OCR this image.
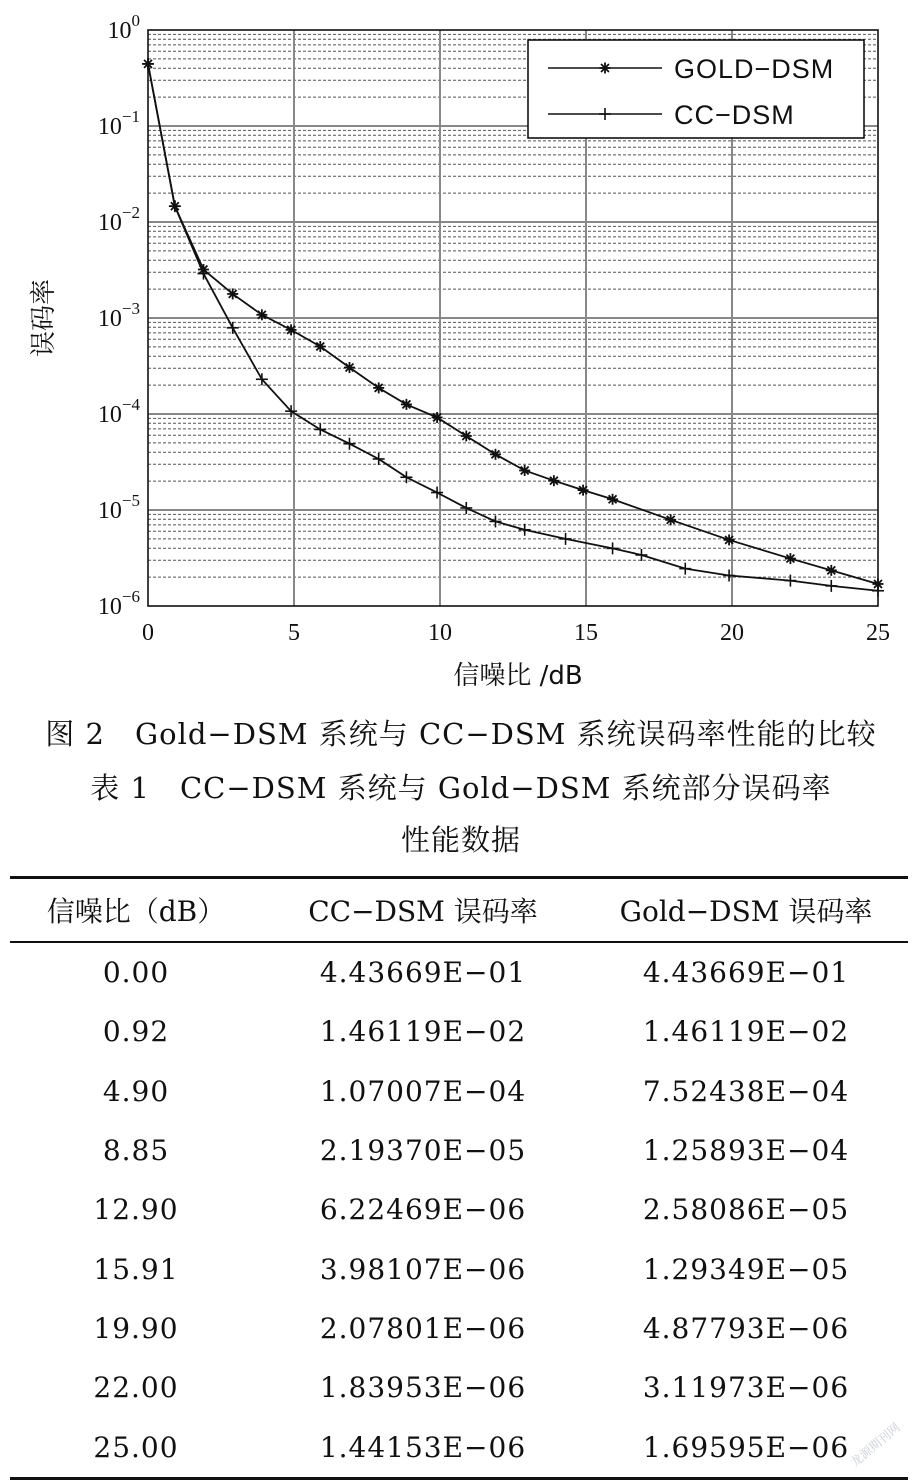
0	5	10	15	20	25
$10^0$
$10^{-1}$
$10^{-2}$
$10^{-3}$
$10^{-4}$
$10^{-5}$
$10^{-6}$
信噪比 /dB
误码率
GOLD−DSM
CC−DSM
图 2　Gold−DSM 系统与 CC−DSM 系统误码率性能的比较
表 1　CC−DSM 系统与 Gold−DSM 系统部分误码率
性能数据
信噪比（dB）	CC−DSM 误码率	Gold−DSM 误码率
0.00	4.43669E−01	4.43669E−01
0.92	1.46119E−02	1.46119E−02
4.90	1.07007E−04	7.52438E−04
8.85	2.19370E−05	1.25893E−04
12.90	6.22469E−06	2.58086E−05
15.91	3.98107E−06	1.29349E−05
19.90	2.07801E−06	4.87793E−06
22.00	1.83953E−06	3.11973E−06
25.00	1.44153E−06	1.69595E−06
龙源期刊网
